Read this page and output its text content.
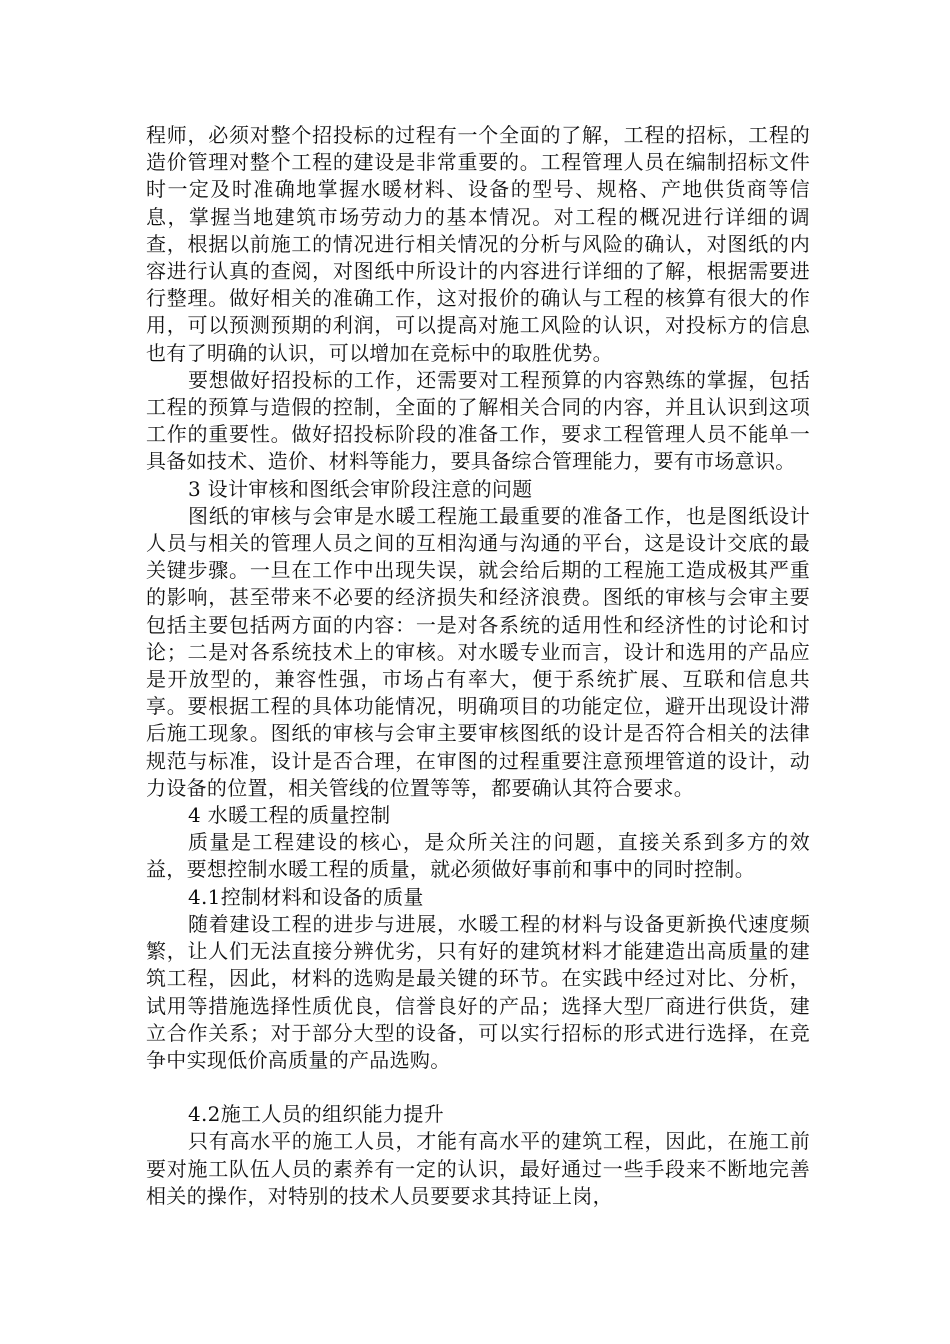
程师，必须对整个招投标的过程有一个全面的了解，工程的招标，工程的造价管理对整个工程的建设是非常重要的。工程管理人员在编制招标文件时一定及时准确地掌握水暖材料、设备的型号、规格、产地供货商等信息，掌握当地建筑市场劳动力的基本情况。对工程的概况进行详细的调查，根据以前施工的情况进行相关情况的分析与风险的确认，对图纸的内容进行认真的查阅，对图纸中所设计的内容进行详细的了解，根据需要进行整理。做好相关的准确工作，这对报价的确认与工程的核算有很大的作用，可以预测预期的利润，可以提高对施工风险的认识，对投标方的信息也有了明确的认识，可以增加在竞标中的取胜优势。

要想做好招投标的工作，还需要对工程预算的内容熟练的掌握，包括工程的预算与造假的控制，全面的了解相关合同的内容，并且认识到这项工作的重要性。做好招投标阶段的准备工作，要求工程管理人员不能单一具备如技术、造价、材料等能力，要具备综合管理能力，要有市场意识。

3 设计审核和图纸会审阶段注意的问题

图纸的审核与会审是水暖工程施工最重要的准备工作，也是图纸设计人员与相关的管理人员之间的互相沟通与沟通的平台，这是设计交底的最关键步骤。一旦在工作中出现失误，就会给后期的工程施工造成极其严重的影响，甚至带来不必要的经济损失和经济浪费。图纸的审核与会审主要包括主要包括两方面的内容：一是对各系统的适用性和经济性的讨论和讨论；二是对各系统技术上的审核。对水暖专业而言，设计和选用的产品应是开放型的，兼容性强，市场占有率大，便于系统扩展、互联和信息共享。要根据工程的具体功能情况，明确项目的功能定位，避开出现设计滞后施工现象。图纸的审核与会审主要审核图纸的设计是否符合相关的法律规范与标准，设计是否合理，在审图的过程重要注意预埋管道的设计，动力设备的位置，相关管线的位置等等，都要确认其符合要求。

4 水暖工程的质量控制

质量是工程建设的核心，是众所关注的问题，直接关系到多方的效益，要想控制水暖工程的质量，就必须做好事前和事中的同时控制。

4.1控制材料和设备的质量

随着建设工程的进步与进展，水暖工程的材料与设备更新换代速度频繁，让人们无法直接分辨优劣，只有好的建筑材料才能建造出高质量的建筑工程，因此，材料的选购是最关键的环节。在实践中经过对比、分析，试用等措施选择性质优良，信誉良好的产品；选择大型厂商进行供货，建立合作关系；对于部分大型的设备，可以实行招标的形式进行选择，在竞争中实现低价高质量的产品选购。

4.2施工人员的组织能力提升

只有高水平的施工人员，才能有高水平的建筑工程，因此，在施工前要对施工队伍人员的素养有一定的认识，最好通过一些手段来不断地完善相关的操作，对特别的技术人员要要求其持证上岗，
